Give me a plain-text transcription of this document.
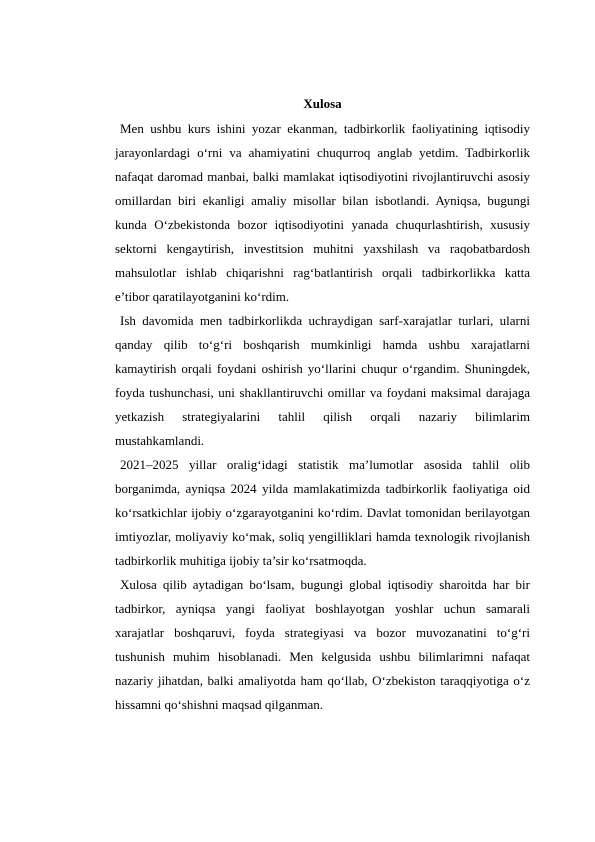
Xulosa

Men ushbu kurs ishini yozar ekanman, tadbirkorlik faoliyatining iqtisodiy jarayonlardagi o‘rni va ahamiyatini chuqurroq anglab yetdim. Tadbirkorlik nafaqat daromad manbai, balki mamlakat iqtisodiyotini rivojlantiruvchi asosiy omillardan biri ekanligi amaliy misollar bilan isbotlandi. Ayniqsa, bugungi kunda O‘zbekistonda bozor iqtisodiyotini yanada chuqurlashtirish, xususiy sektorni kengaytirish, investitsion muhitni yaxshilash va raqobatbardosh mahsulotlar ishlab chiqarishni rag‘batlantirish orqali tadbirkorlikka katta e’tibor qaratilayotganini ko‘rdim.

Ish davomida men tadbirkorlikda uchraydigan sarf-xarajatlar turlari, ularni qanday qilib to‘g‘ri boshqarish mumkinligi hamda ushbu xarajatlarni kamaytirish orqali foydani oshirish yo‘llarini chuqur o‘rgandim. Shuningdek, foyda tushunchasi, uni shakllantiruvchi omillar va foydani maksimal darajaga yetkazish strategiyalarini tahlil qilish orqali nazariy bilimlarim mustahkamlandi.

2021–2025 yillar oralig‘idagi statistik ma’lumotlar asosida tahlil olib borganimda, ayniqsa 2024 yilda mamlakatimizda tadbirkorlik faoliyatiga oid ko‘rsatkichlar ijobiy o‘zgarayotganini ko‘rdim. Davlat tomonidan berilayotgan imtiyozlar, moliyaviy ko‘mak, soliq yengilliklari hamda texnologik rivojlanish tadbirkorlik muhitiga ijobiy ta’sir ko‘rsatmoqda.

Xulosa qilib aytadigan bo‘lsam, bugungi global iqtisodiy sharoitda har bir tadbirkor, ayniqsa yangi faoliyat boshlayotgan yoshlar uchun samarali xarajatlar boshqaruvi, foyda strategiyasi va bozor muvozanatini to‘g‘ri tushunish muhim hisoblanadi. Men kelgusida ushbu bilimlarimni nafaqat nazariy jihatdan, balki amaliyotda ham qo‘llab, O‘zbekiston taraqqiyotiga o‘z hissamni qo‘shishni maqsad qilganman.
